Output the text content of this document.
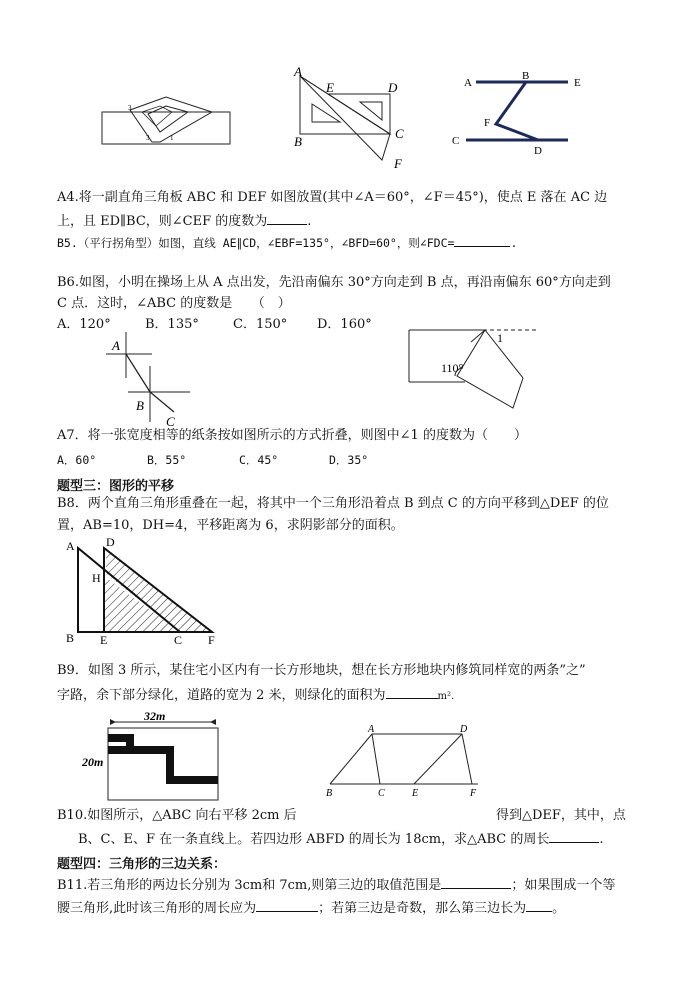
3
3	1
A
E	D
B
C
F
A
B
E
F
C
D
A4.将一副直角三角板 ABC 和 DEF 如图放置(其中∠A＝60°，∠F＝45°)，使点 E 落在 AC 边
上，且 ED∥BC，则∠CEF 的度数为	.
B5.（平行拐角型）如图，直线 AE∥CD，∠EBF=135°，∠BFD=60°，则∠FDC=	.
B6.如图，小明在操场上从 A 点出发，先沿南偏东 30°方向走到 B 点，再沿南偏东 60°方向走到
C 点．这时，∠ABC 的度数是　　（　）
A．120°	B．135°	C．150° D．160°
A
B
C
110°
1
A7．将一张宽度相等的纸条按如图所示的方式折叠，则图中∠1 的度数为（　　）
A．60°	B．55°	C．45°	D．35°
题型三：图形的平移
B8．两个直角三角形重叠在一起，将其中一个三角形沿着点 B 到点 C 的方向平移到△DEF 的位
置，AB=10，DH=4，平移距离为 6，求阴影部分的面积。
A	D
H
B E	C F
B9．如图 3 所示，某住宅小区内有一长方形地块，想在长方形地块内修筑同样宽的两条”之”
字路，余下部分绿化，道路的宽为 2 米，则绿化的面积为	m².
32m
20m
A	D
B	C	E	F
B10.如图所示，△ABC 向右平移 2cm 后	得到△DEF，其中，点
B、C、E、F 在一条直线上。若四边形 ABFD 的周长为 18cm，求△ABC 的周长	.
题型四：三角形的三边关系：
B11.若三角形的两边长分别为 3cm和 7cm,则第三边的取值范围是	；如果围成一个等
腰三角形,此时该三角形的周长应为	；若第三边是奇数，那么第三边长为 。
